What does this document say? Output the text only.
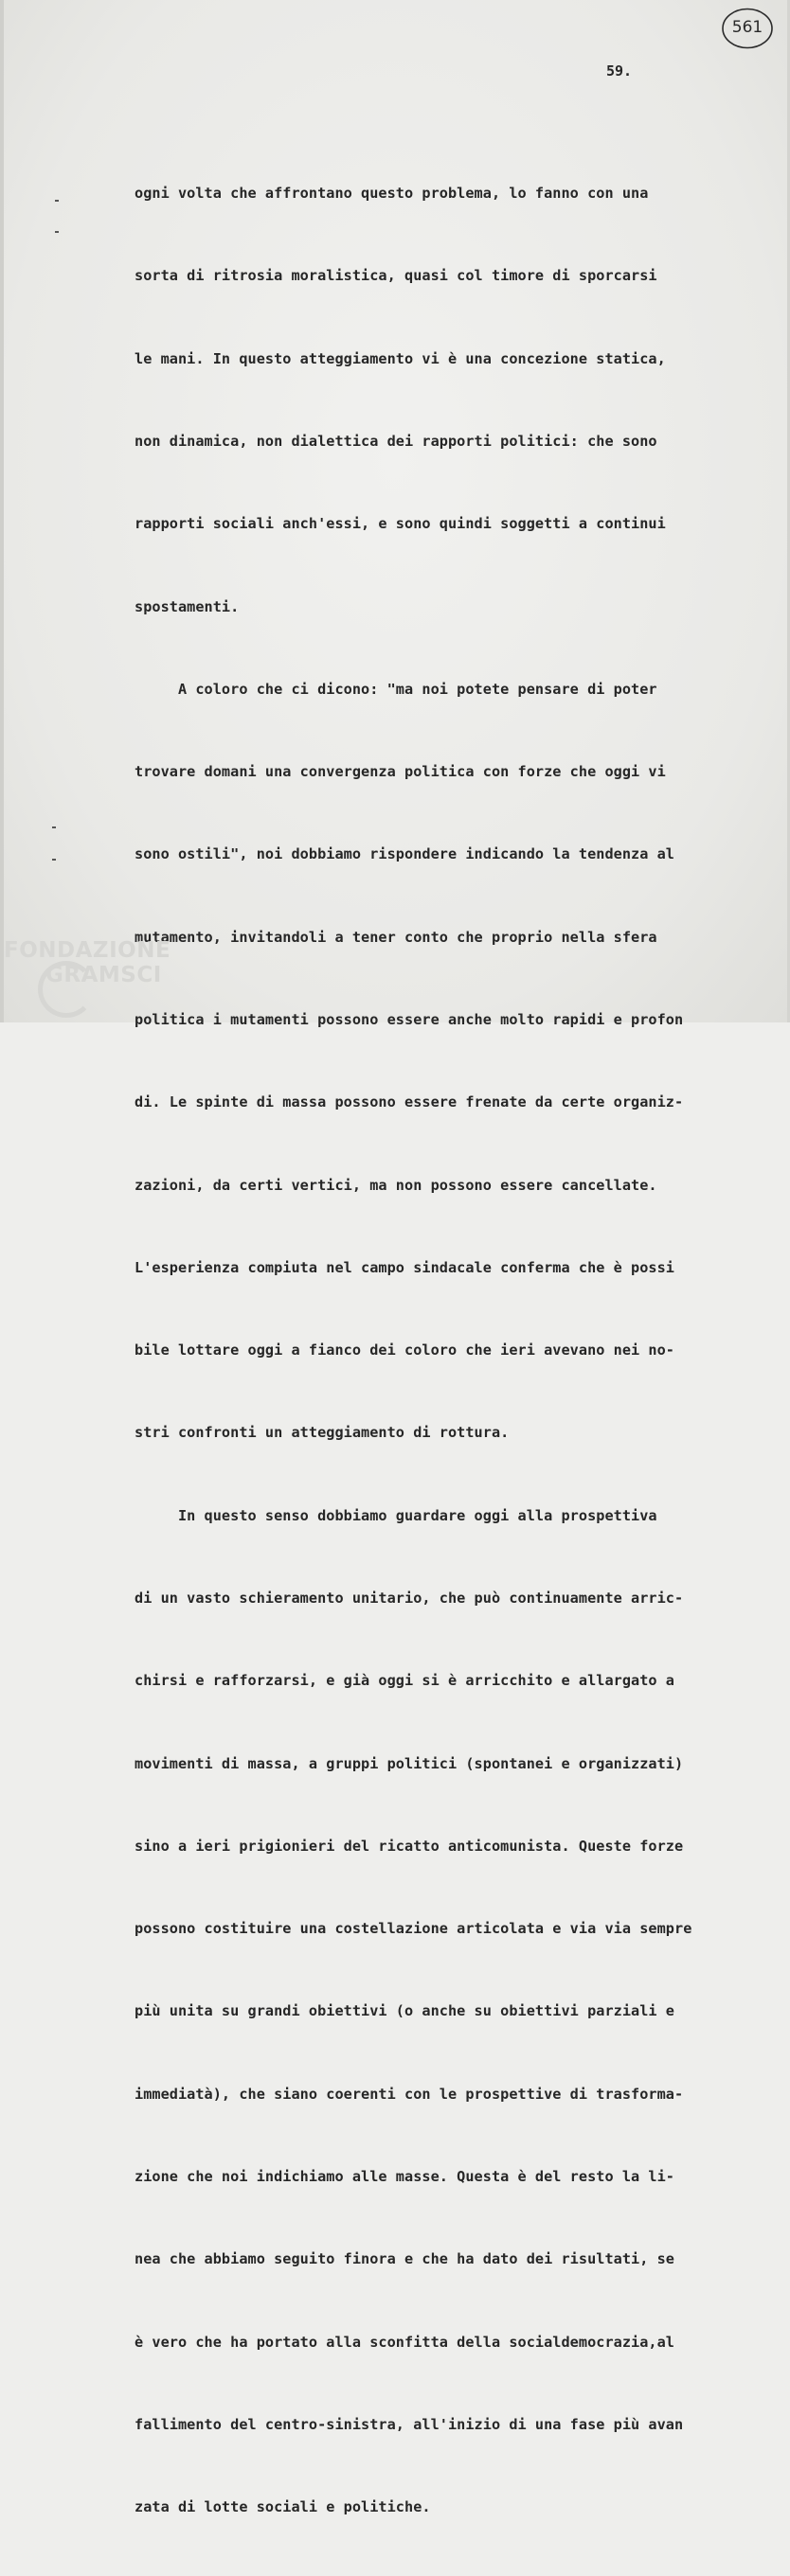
561
59.

ogni volta che affrontano questo problema, lo fanno con una

sorta di ritrosia moralistica, quasi col timore di sporcarsi

le mani. In questo atteggiamento vi è una concezione statica,

non dinamica, non dialettica dei rapporti politici: che sono

rapporti sociali anch'essi, e sono quindi soggetti a continui

spostamenti.

A coloro che ci dicono: "ma noi potete pensare di poter

trovare domani una convergenza politica con forze che oggi vi

sono ostili", noi dobbiamo rispondere indicando la tendenza al

mutamento, invitandoli a tener conto che proprio nella sfera

politica i mutamenti possono essere anche molto rapidi e profon

di. Le spinte di massa possono essere frenate da certe organiz-

zazioni, da certi vertici, ma non possono essere cancellate.

L'esperienza compiuta nel campo sindacale conferma che è possi

bile lottare oggi a fianco dei coloro che ieri avevano nei no-

stri confronti un atteggiamento di rottura.

In questo senso dobbiamo guardare oggi alla prospettiva

di un vasto schieramento unitario, che può continuamente arric-

chirsi e rafforzarsi, e già oggi si è arricchito e allargato a

movimenti di massa, a gruppi politici (spontanei e organizzati)

sino a ieri prigionieri del ricatto anticomunista. Queste forze

possono costituire una costellazione articolata e via via sempre

più unita su grandi obiettivi (o anche su obiettivi parziali e

immediatà), che siano coerenti con le prospettive di trasforma-

zione che noi indichiamo alle masse. Questa è del resto la li-

nea che abbiamo seguito finora e che ha dato dei risultati, se

è vero che ha portato alla sconfitta della socialdemocrazia,al

fallimento del centro-sinistra, all'inizio di una fase più avan

zata di lotte sociali e politiche.

FONDAZIONE
GRAMSCI
